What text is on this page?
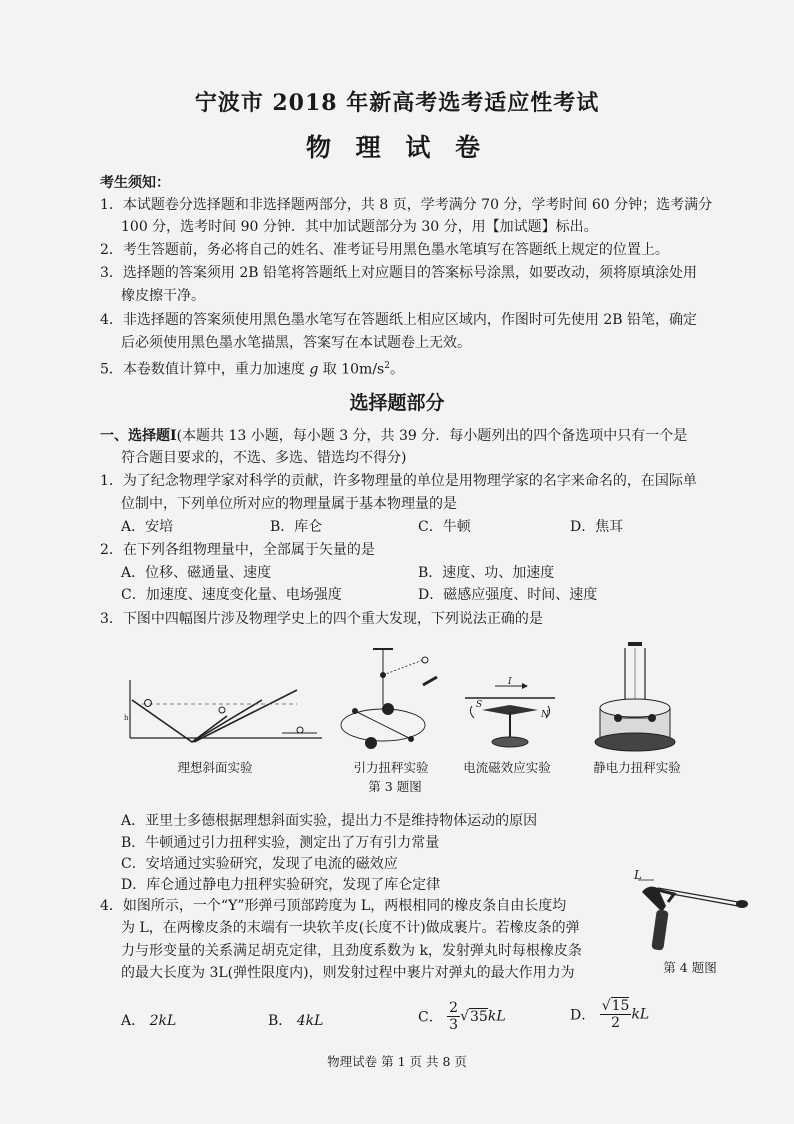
宁波市 2018 年新高考选考适应性考试
物 理 试 卷
考生须知：
1．本试题卷分选择题和非选择题两部分，共 8 页，学考满分 70 分，学考时间 60 分钟；选考满分
100 分，选考时间 90 分钟．其中加试题部分为 30 分，用【加试题】标出。
2．考生答题前，务必将自己的姓名、准考证号用黑色墨水笔填写在答题纸上规定的位置上。
3．选择题的答案须用 2B 铅笔将答题纸上对应题目的答案标号涂黑，如要改动，须将原填涂处用
橡皮擦干净。
4．非选择题的答案须使用黑色墨水笔写在答题纸上相应区域内，作图时可先使用 2B 铅笔，确定
后必须使用黑色墨水笔描黑，答案写在本试题卷上无效。
5．本卷数值计算中，重力加速度 g 取 $10m/s^2$。
选择题部分
一、选择题Ⅰ(本题共 13 小题，每小题 3 分，共 39 分．每小题列出的四个备选项中只有一个是
符合题目要求的，不选、多选、错选均不得分)
1．为了纪念物理学家对科学的贡献，许多物理量的单位是用物理学家的名字来命名的，在国际单
位制中，下列单位所对应的物理量属于基本物理量的是
A．安培	B．库仑	C．牛顿	D．焦耳
2．在下列各组物理量中，全部属于矢量的是
A．位移、磁通量、速度	B．速度、功、加速度
C．加速度、速度变化量、电场强度	D．磁感应强度、时间、速度
3．下图中四幅图片涉及物理学史上的四个重大发现，下列说法正确的是
h
理想斜面实验	引力扭秤实验
I
S
N
电流磁效应实验	静电力扭秤实验
第 3 题图
A．亚里士多德根据理想斜面实验，提出力不是维持物体运动的原因
B．牛顿通过引力扭秤实验，测定出了万有引力常量
C．安培通过实验研究，发现了电流的磁效应
D．库仑通过静电力扭秤实验研究，发现了库仑定律
4．如图所示，一个“Y”形弹弓顶部跨度为 L，两根相同的橡皮条自由长度均
为 L，在两橡皮条的末端有一块软羊皮(长度不计)做成裹片。若橡皮条的弹
力与形变量的关系满足胡克定律，且劲度系数为 k，发射弹丸时每根橡皮条
的最大长度为 3L(弹性限度内)，则发射过程中裹片对弹丸的最大作用力为
L
第 4 题图
A． 2kL	B． 4kL	C． $\frac{2}{3} √35kL$	D． $\frac{√15}{2}$ kL
物理试卷 第 1 页 共 8 页
